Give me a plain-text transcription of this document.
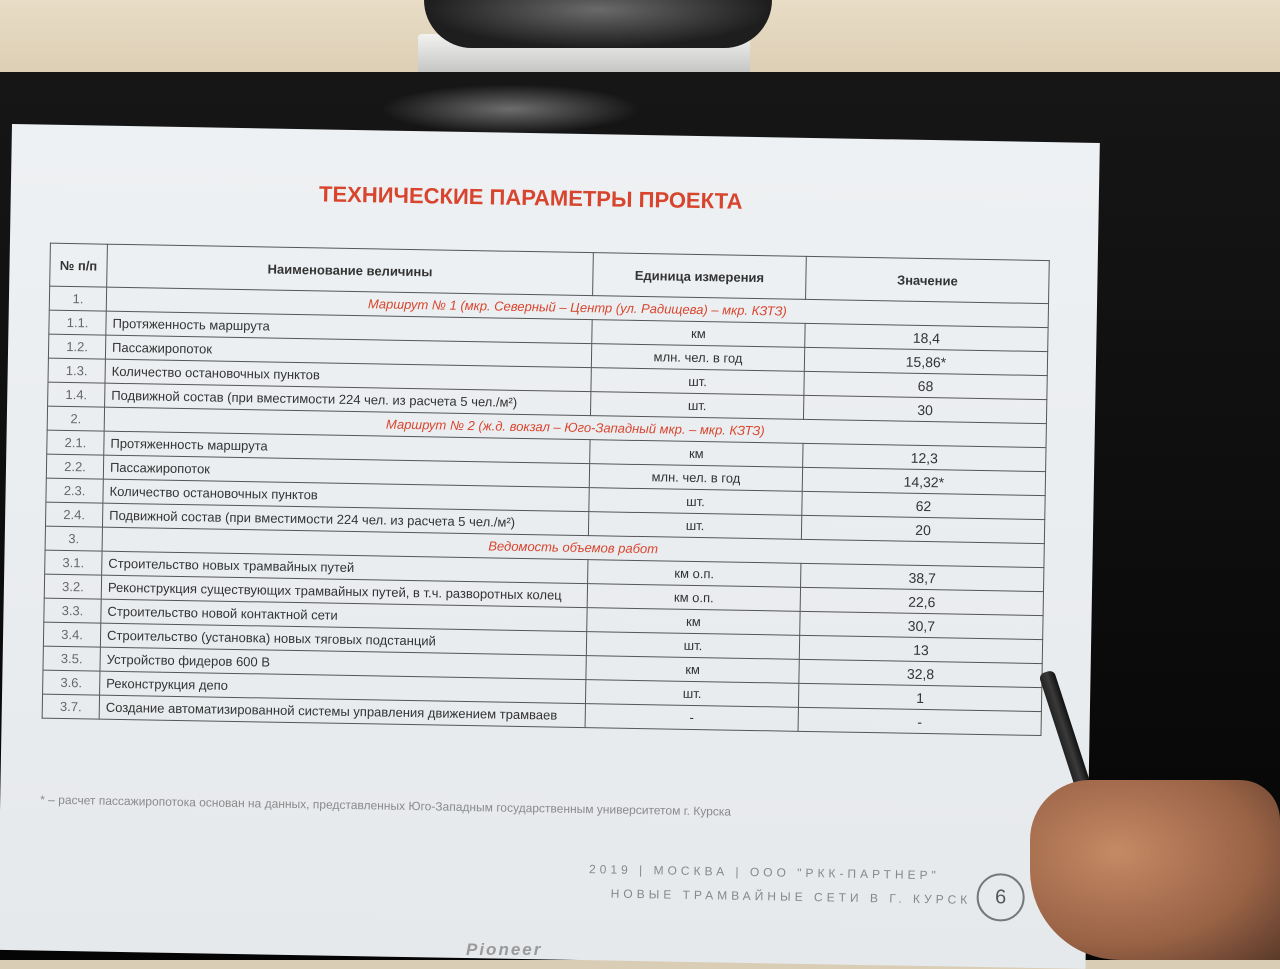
ТЕХНИЧЕСКИЕ ПАРАМЕТРЫ ПРОЕКТА
№ п/п	Наименование величины	Единица измерения	Значение
1.	Маршрут № 1 (мкр. Северный – Центр (ул. Радищева) – мкр. КЗТЗ)		
1.1.	Протяженность маршрута	км	18,4
1.2.	Пассажиропоток	млн. чел. в год	15,86*
1.3.	Количество остановочных пунктов	шт.	68
1.4.	Подвижной состав (при вместимости 224 чел. из расчета 5 чел./м²)	шт.	30
2.	Маршрут № 2 (ж.д. вокзал – Юго-Западный мкр. – мкр. КЗТЗ)		
2.1.	Протяженность маршрута	км	12,3
2.2.	Пассажиропоток	млн. чел. в год	14,32*
2.3.	Количество остановочных пунктов	шт.	62
2.4.	Подвижной состав (при вместимости 224 чел. из расчета 5 чел./м²)	шт.	20
3.	Ведомость объемов работ		
3.1.	Строительство новых трамвайных путей	км о.п.	38,7
3.2.	Реконструкция существующих трамвайных путей, в т.ч. разворотных колец	км о.п.	22,6
3.3.	Строительство новой контактной сети	км	30,7
3.4.	Строительство (установка) новых тяговых подстанций	шт.	13
3.5.	Устройство фидеров 600 В	км	32,8
3.6.	Реконструкция депо	шт.	1
3.7.	Создание автоматизированной системы управления движением трамваев	-	-
* – расчет пассажиропотока основан на данных, представленных Юго-Западным государственным университетом г. Курска
2019 | МОСКВА | ООО "РКК-ПАРТНЕР"
НОВЫЕ ТРАМВАЙНЫЕ СЕТИ В Г. КУРСК	6
Pioneer
